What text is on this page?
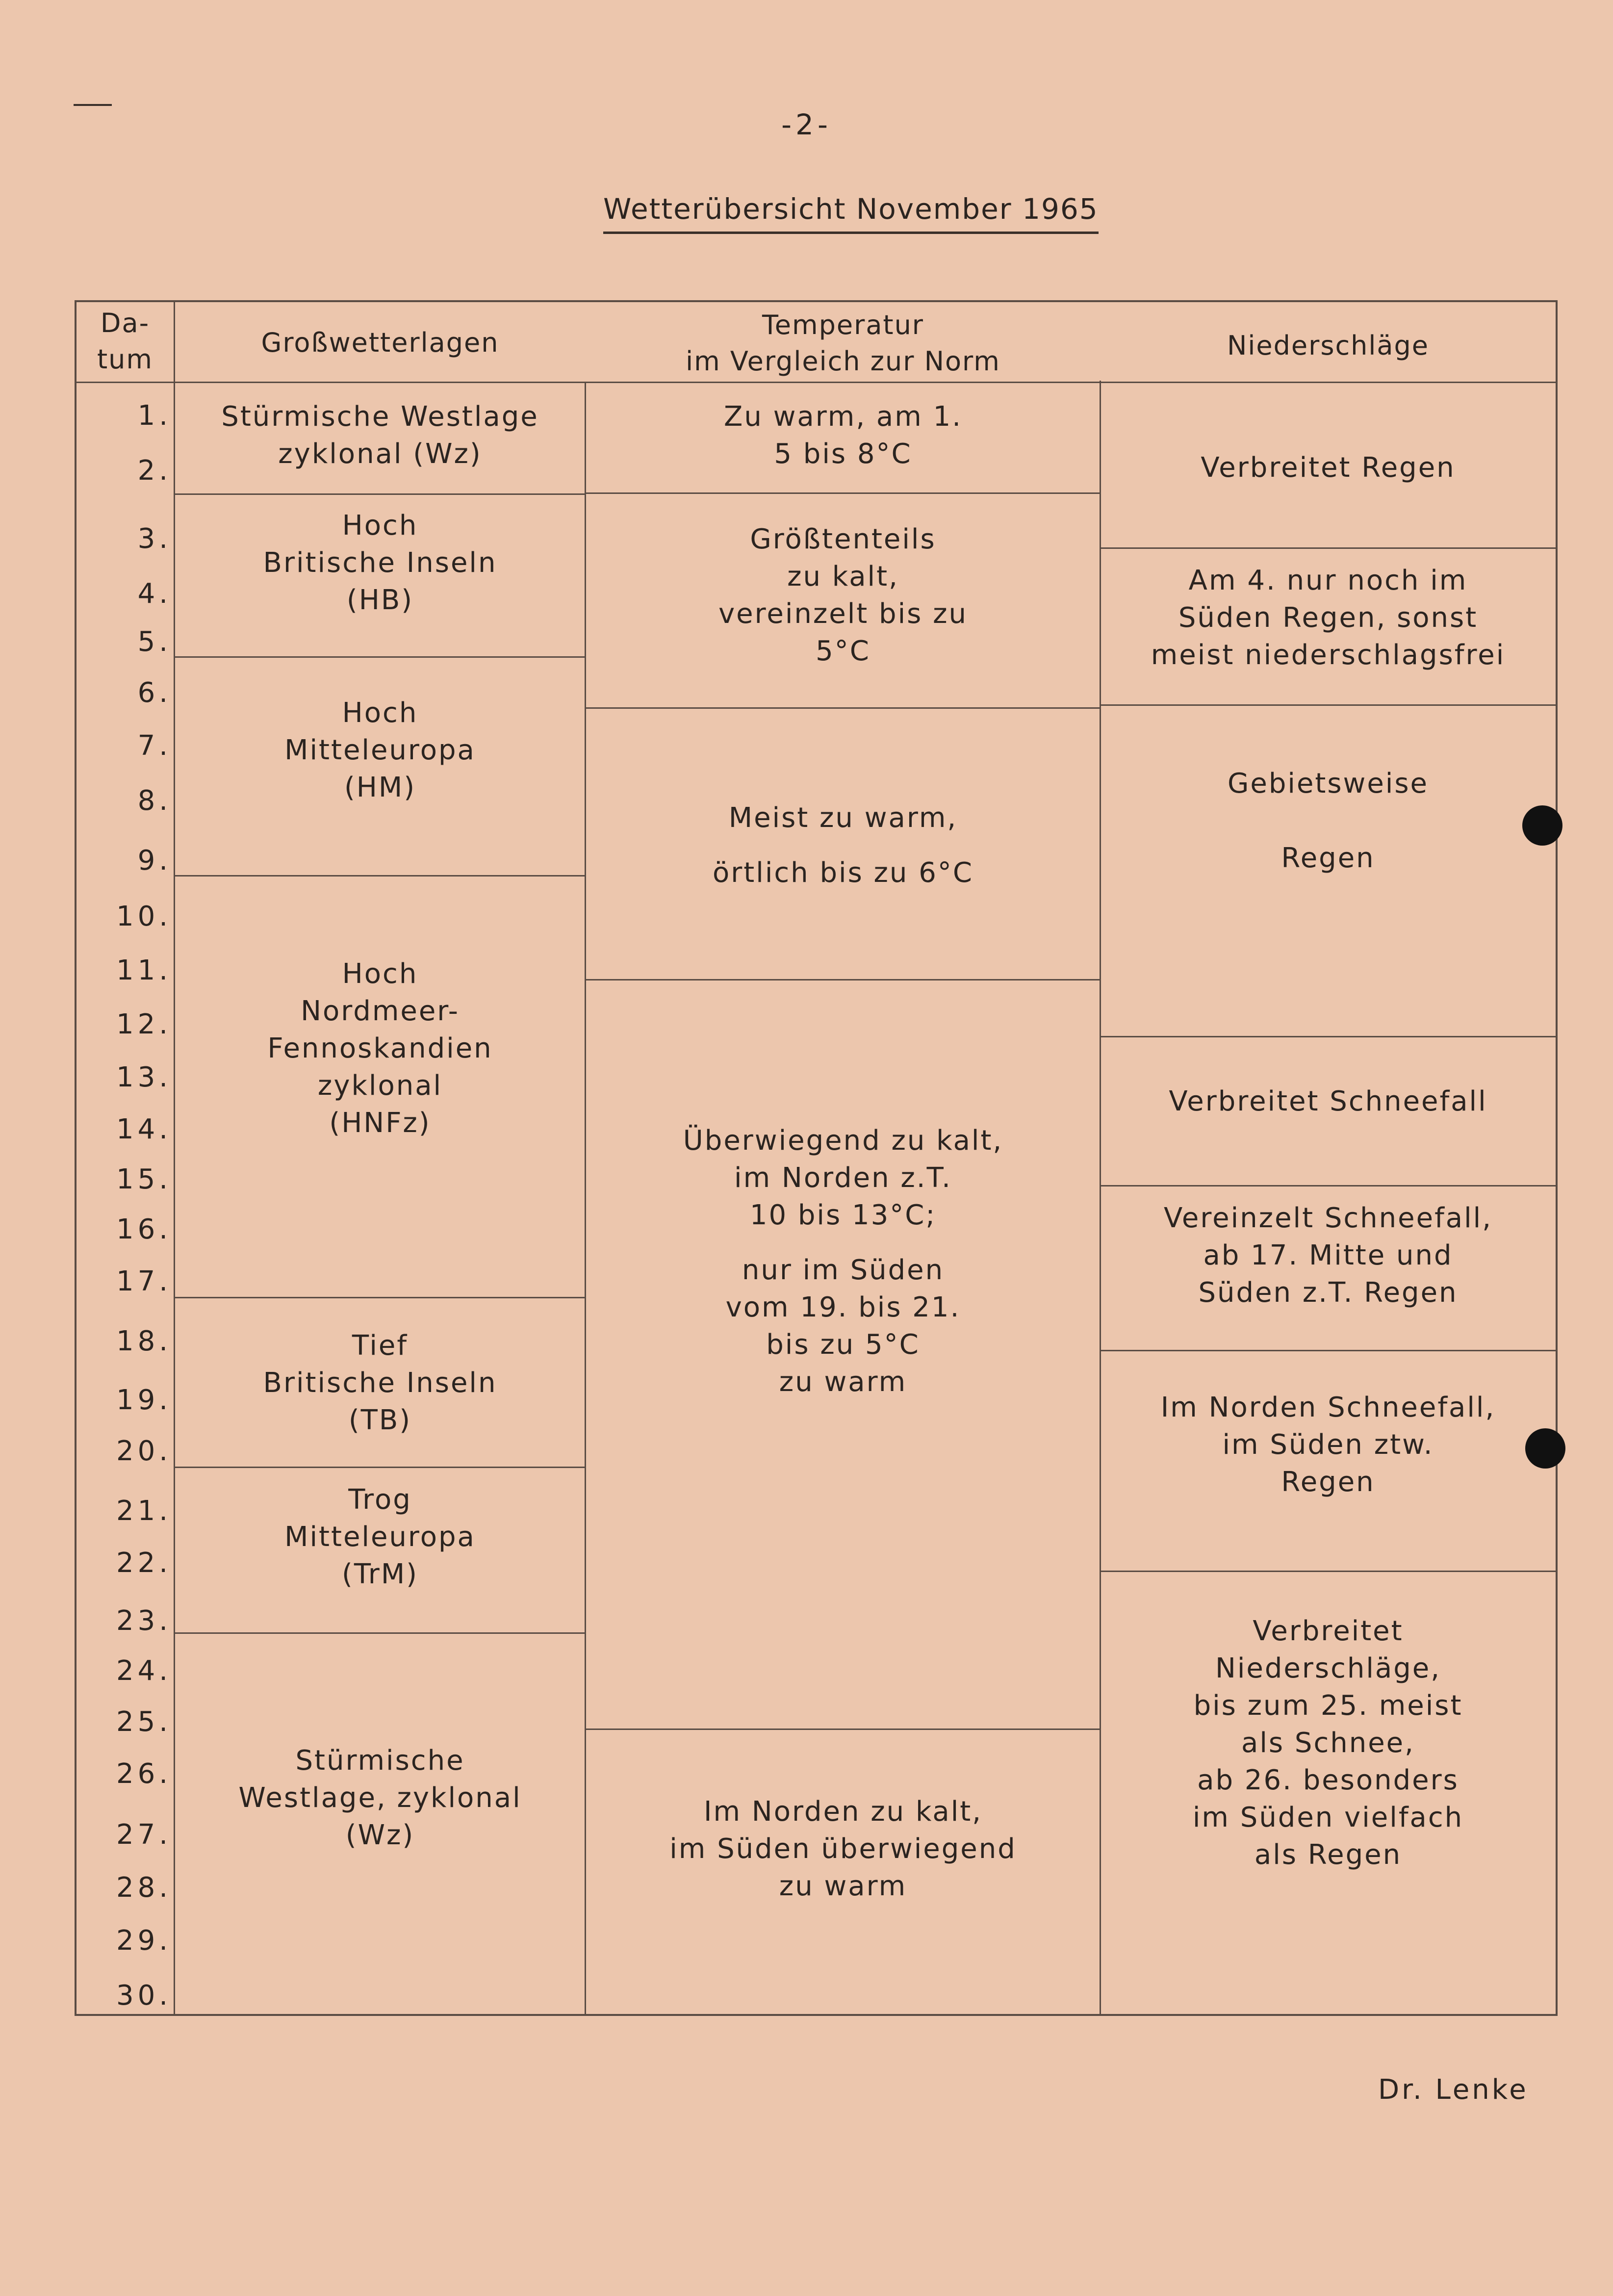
-2-
Wetterübersicht November 1965
Da-
tum
Großwetterlagen
Temperatur
im Vergleich zur Norm
Niederschläge
1.
2.
3.
4.
5.
6.
7.
8.
9.
10.
11.
12.
13.
14.
15.
16.
17.
18.
19.
20.
21.
22.
23.
24.
25.
26.
27.
28.
29.
30.
Stürmische Westlage
zyklonal (Wz)
Hoch
Britische Inseln
(HB)
Hoch
Mitteleuropa
(HM)
Hoch
Nordmeer-
Fennoskandien
zyklonal
(HNFz)
Tief
Britische Inseln
(TB)
Trog
Mitteleuropa
(TrM)
Stürmische
Westlage, zyklonal
(Wz)
Zu warm, am 1.
5 bis 8°C
Größtenteils
zu kalt,
vereinzelt bis zu
5°C
Meist zu warm,
örtlich bis zu 6°C
Überwiegend zu kalt,
im Norden z.T.
10 bis 13°C;
nur im Süden
vom 19. bis 21.
bis zu 5°C
zu warm
Im Norden zu kalt,
im Süden überwiegend
zu warm
Verbreitet Regen
Am 4. nur noch im
Süden Regen, sonst
meist niederschlagsfrei
Gebietsweise

Regen
Verbreitet Schneefall
Vereinzelt Schneefall,
ab 17. Mitte und
Süden z.T. Regen
Im Norden Schneefall,
im Süden ztw.
Regen
Verbreitet
Niederschläge,
bis zum 25. meist
als Schnee,
ab 26. besonders
im Süden vielfach
als Regen
Dr. Lenke
